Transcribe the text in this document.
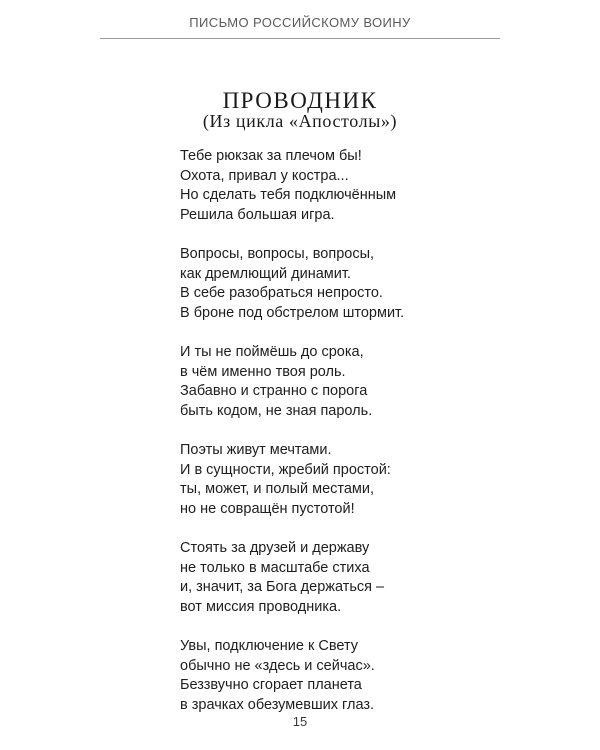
ПИСЬМО РОССИЙСКОМУ ВОИНУ
ПРОВОДНИК
(Из цикла «Апостолы»)
Тебе рюкзак за плечом бы!
Охота, привал у костра...
Но сделать тебя подключённым
Решила большая игра.
Вопросы, вопросы, вопросы,
как дремлющий динамит.
В себе разобраться непросто.
В броне под обстрелом штормит.
И ты не поймёшь до срока,
в чём именно твоя роль.
Забавно и странно с порога
быть кодом, не зная пароль.
Поэты живут мечтами.
И в сущности, жребий простой:
ты, может, и полый местами,
но не совращён пустотой!
Стоять за друзей и державу
не только в масштабе стиха
и, значит, за Бога держаться –
вот миссия проводника.
Увы, подключение к Свету
обычно не «здесь и сейчас».
Беззвучно сгорает планета
в зрачках обезумевших глаз.
15
